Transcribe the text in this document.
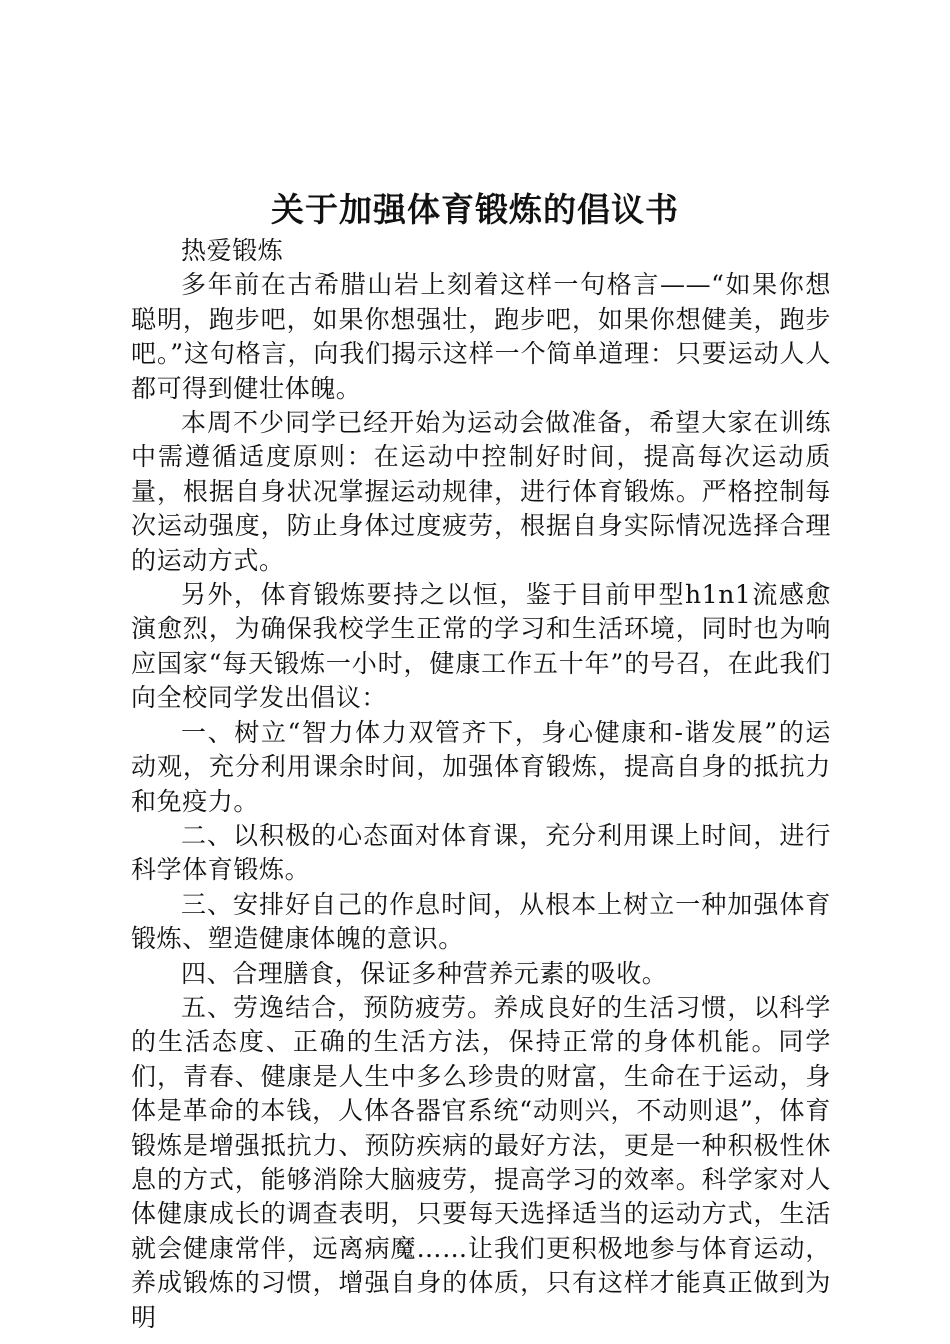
关于加强体育锻炼的倡议书

热爱锻炼

多年前在古希腊山岩上刻着这样一句格言——“如果你想聪明，跑步吧，如果你想强壮，跑步吧，如果你想健美，跑步吧。”这句格言，向我们揭示这样一个简单道理：只要运动人人都可得到健壮体魄。

本周不少同学已经开始为运动会做准备，希望大家在训练中需遵循适度原则：在运动中控制好时间，提高每次运动质量，根据自身状况掌握运动规律，进行体育锻炼。严格控制每次运动强度，防止身体过度疲劳，根据自身实际情况选择合理的运动方式。

另外，体育锻炼要持之以恒，鉴于目前甲型h1n1流感愈演愈烈，为确保我校学生正常的学习和生活环境，同时也为响应国家“每天锻炼一小时，健康工作五十年”的号召，在此我们向全校同学发出倡议：

一、树立“智力体力双管齐下，身心健康和-谐发展”的运动观，充分利用课余时间，加强体育锻炼，提高自身的抵抗力和免疫力。

二、以积极的心态面对体育课，充分利用课上时间，进行科学体育锻炼。

三、安排好自己的作息时间，从根本上树立一种加强体育锻炼、塑造健康体魄的意识。

四、合理膳食，保证多种营养元素的吸收。

五、劳逸结合，预防疲劳。养成良好的生活习惯，以科学的生活态度、正确的生活方法，保持正常的身体机能。同学们，青春、健康是人生中多么珍贵的财富，生命在于运动，身体是革命的本钱，人体各器官系统“动则兴，不动则退”，体育锻炼是增强抵抗力、预防疾病的最好方法，更是一种积极性休息的方式，能够消除大脑疲劳，提高学习的效率。科学家对人体健康成长的调查表明，只要每天选择适当的运动方式，生活就会健康常伴，远离病魔……让我们更积极地参与体育运动，养成锻炼的习惯，增强自身的体质，只有这样才能真正做到为明
